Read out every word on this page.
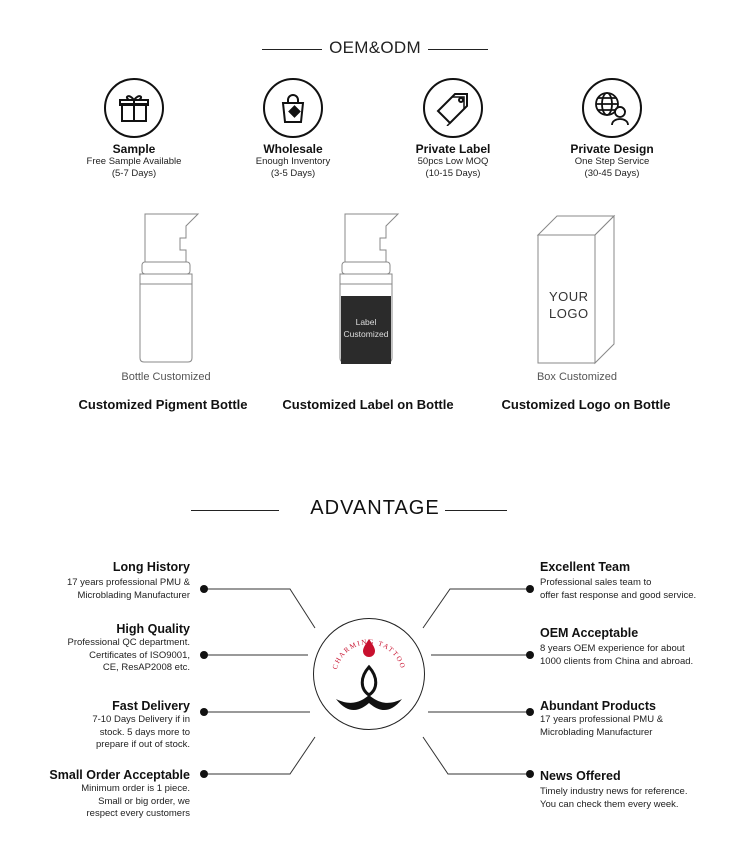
OEM&ODM
Sample
Free Sample Available
(5-7 Days)
Wholesale
Enough Inventory
(3-5 Days)
Private Label
50pcs Low MOQ
(10-15 Days)
Private Design
One Step Service
(30-45 Days)
Bottle Customized
Customized Pigment Bottle
Label
Customized
Customized Label on Bottle
YOUR
LOGO
Box Customized
Customized Logo on Bottle
ADVANTAGE
CHARMING TATTOO
Long History
17 years professional PMU &
Microblading Manufacturer
High Quality
Professional QC department.
Certificates of ISO9001,
CE, ResAP2008 etc.
Fast Delivery
7-10 Days Delivery if in
stock. 5 days more to
prepare if out of stock.
Small Order Acceptable
Minimum order is 1 piece.
Small or big order, we
respect every customers
Excellent Team
Professional sales team to
offer fast response and good service.
OEM Acceptable
8 years OEM experience for about
1000 clients from China and abroad.
Abundant Products
17 years professional PMU &
Microblading Manufacturer
News Offered
Timely industry news for reference.
You can check them every week.
